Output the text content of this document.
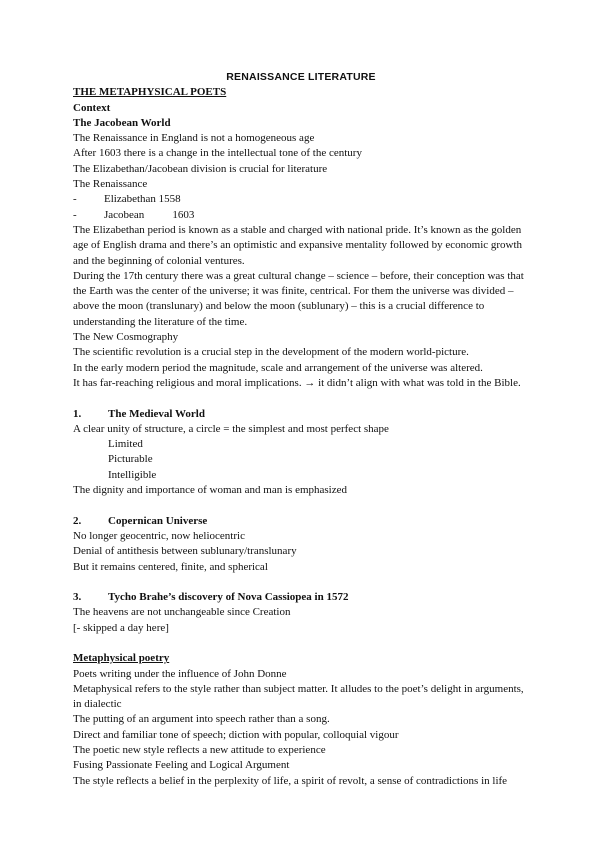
RENAISSANCE LITERATURE
THE METAPHYSICAL POETS
Context
The Jacobean World
The Renaissance in England is not a homogeneous age
After 1603 there is a change in the intellectual tone of the century
The Elizabethan/Jacobean division is crucial for literature
The Renaissance
-	Elizabethan 1558
-	Jacobean	1603
The Elizabethan period is known as a stable and charged with national pride. It’s known as the golden
age of English drama and there’s an optimistic and expansive mentality followed by economic growth
and the beginning of colonial ventures.
During the 17th century there was a great cultural change – science – before, their conception was that
the Earth was the center of the universe; it was finite, centrical. For them the universe was divided –
above the moon (translunary) and below the moon (sublunary) – this is a crucial difference to
understanding the literature of the time.
The New Cosmography
The scientific revolution is a crucial step in the development of the modern world-picture.
In the early modern period the magnitude, scale and arrangement of the universe was altered.
It has far-reaching religious and moral implications. → it didn’t align with what was told in the Bible.
1.	The Medieval World
A clear unity of structure, a circle = the simplest and most perfect shape
Limited
Picturable
Intelligible
The dignity and importance of woman and man is emphasized
2.	Copernican Universe
No longer geocentric, now heliocentric
Denial of antithesis between sublunary/translunary
But it remains centered, finite, and spherical
3.	Tycho Brahe’s discovery of Nova Cassiopea in 1572
The heavens are not unchangeable since Creation
[- skipped a day here]
Metaphysical poetry
Poets writing under the influence of John Donne
Metaphysical refers to the style rather than subject matter. It alludes to the poet’s delight in arguments,
in dialectic
The putting of an argument into speech rather than a song.
Direct and familiar tone of speech; diction with popular, colloquial vigour
The poetic new style reflects a new attitude to experience
Fusing Passionate Feeling and Logical Argument
The style reflects a belief in the perplexity of life, a spirit of revolt, a sense of contradictions in life
